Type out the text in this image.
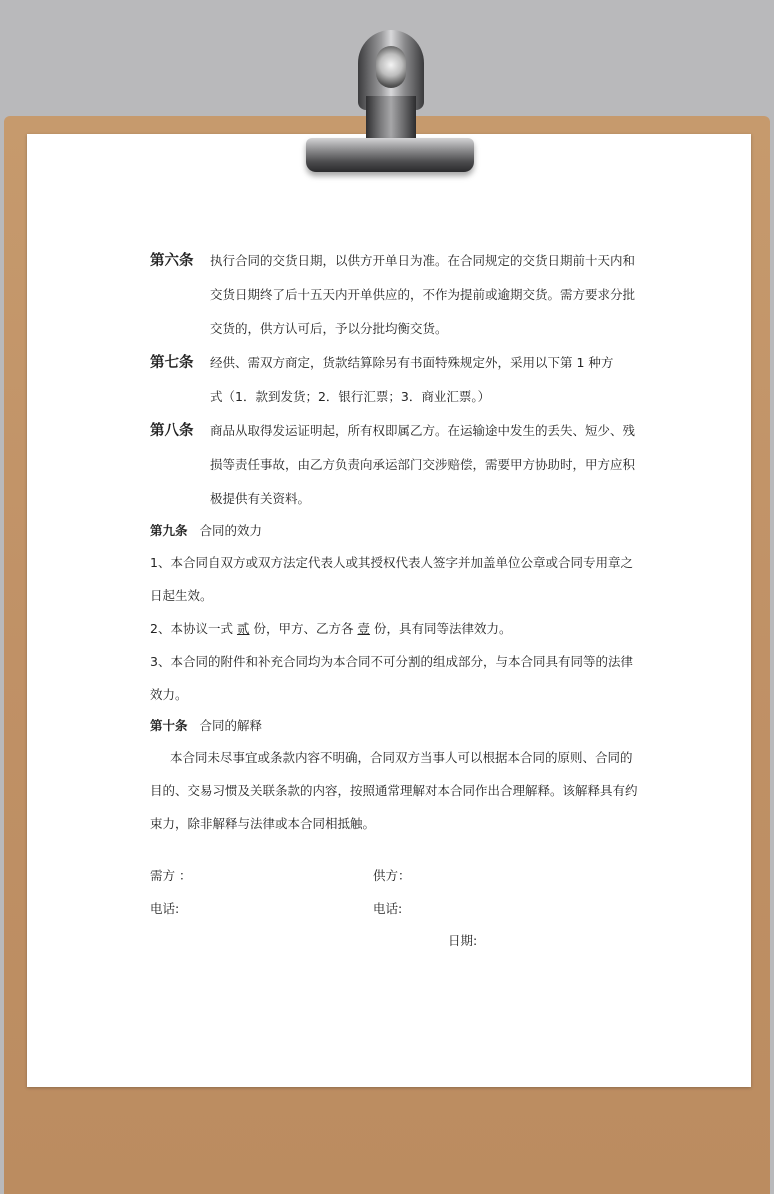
第六条	执行合同的交货日期，以供方开单日为准。在合同规定的交货日期前十天内和

交货日期终了后十五天内开单供应的，不作为提前或逾期交货。需方要求分批

交货的，供方认可后，予以分批均衡交货。

第七条	经供、需双方商定，货款结算除另有书面特殊规定外，采用以下第 1 种方

式（1．款到发货；2．银行汇票；3．商业汇票。）

第八条	商品从取得发运证明起，所有权即属乙方。在运输途中发生的丢失、短少、残

损等责任事故，由乙方负责向承运部门交涉赔偿，需要甲方协助时，甲方应积

极提供有关资料。

第九条 合同的效力

1、本合同自双方或双方法定代表人或其授权代表人签字并加盖单位公章或合同专用章之

日起生效。

2、本协议一式 贰 份，甲方、乙方各 壹 份，具有同等法律效力。

3、本合同的附件和补充合同均为本合同不可分割的组成部分，与本合同具有同等的法律

效力。

第十条 合同的解释

本合同未尽事宜或条款内容不明确，合同双方当事人可以根据本合同的原则、合同的

目的、交易习惯及关联条款的内容，按照通常理解对本合同作出合理解释。该解释具有约

束力，除非解释与法律或本合同相抵触。

需方 ：	供方：
电话:	电话:
日期:
